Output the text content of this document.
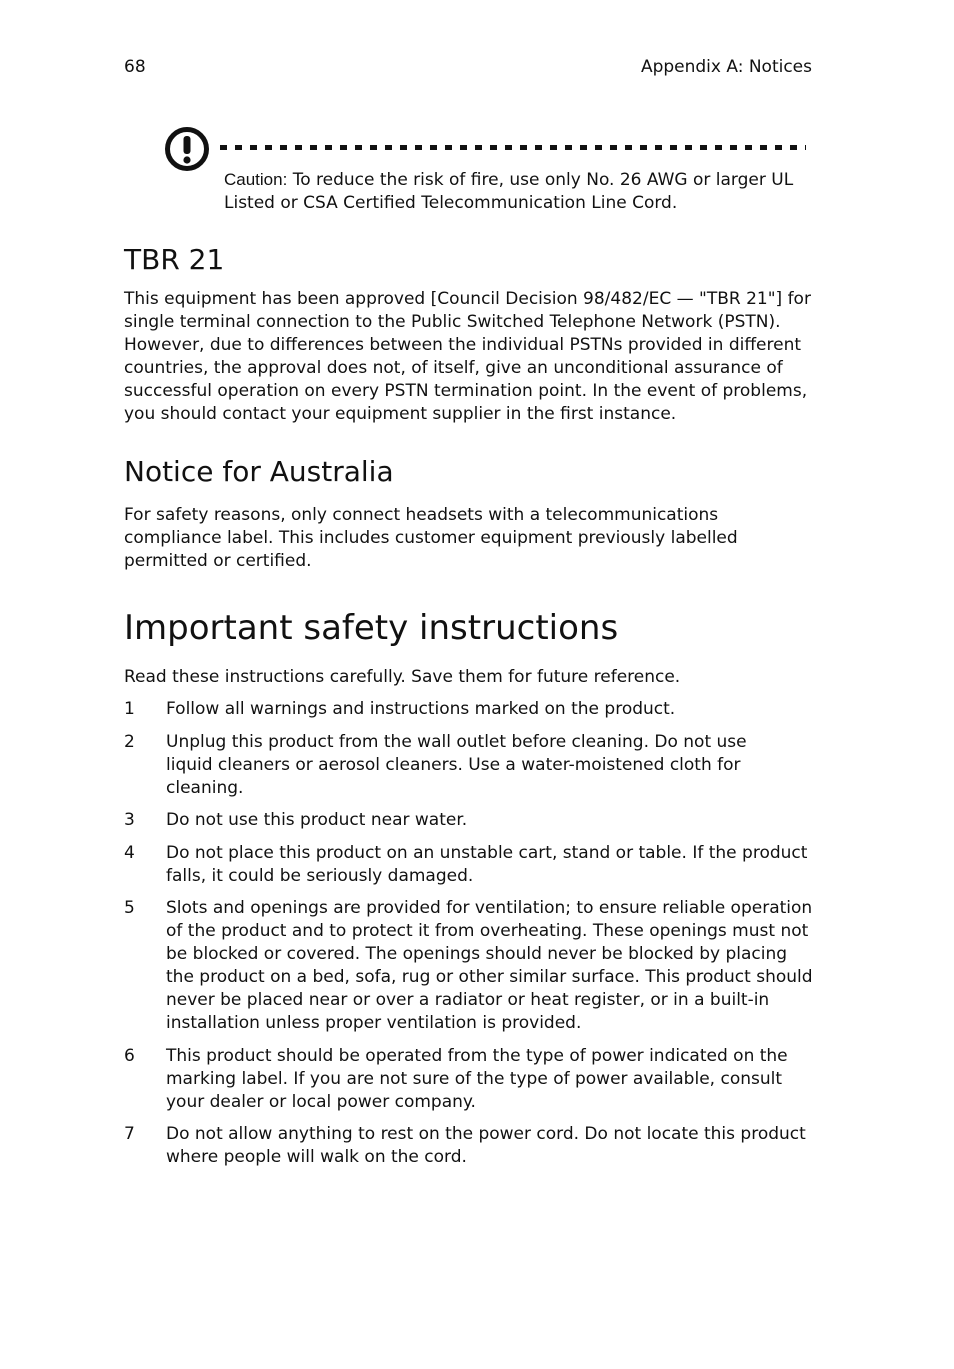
68	Appendix A: Notices

Caution: To reduce the risk of fire, use only No. 26 AWG or larger UL Listed or CSA Certified Telecommunication Line Cord.

TBR 21

This equipment has been approved [Council Decision 98/482/EC — "TBR 21"] for single terminal connection to the Public Switched Telephone Network (PSTN). However, due to differences between the individual PSTNs provided in different countries, the approval does not, of itself, give an unconditional assurance of successful operation on every PSTN termination point. In the event of problems, you should contact your equipment supplier in the first instance.

Notice for Australia

For safety reasons, only connect headsets with a telecommunications compliance label. This includes customer equipment previously labelled permitted or certified.

Important safety instructions

Read these instructions carefully. Save them for future reference.

1	Follow all warnings and instructions marked on the product.
2	Unplug this product from the wall outlet before cleaning. Do not use liquid cleaners or aerosol cleaners. Use a water-moistened cloth for cleaning.
3	Do not use this product near water.
4	Do not place this product on an unstable cart, stand or table. If the product falls, it could be seriously damaged.
5	Slots and openings are provided for ventilation; to ensure reliable operation of the product and to protect it from overheating. These openings must not be blocked or covered. The openings should never be blocked by placing the product on a bed, sofa, rug or other similar surface. This product should never be placed near or over a radiator or heat register, or in a built-in installation unless proper ventilation is provided.
6	This product should be operated from the type of power indicated on the marking label. If you are not sure of the type of power available, consult your dealer or local power company.
7	Do not allow anything to rest on the power cord. Do not locate this product where people will walk on the cord.
